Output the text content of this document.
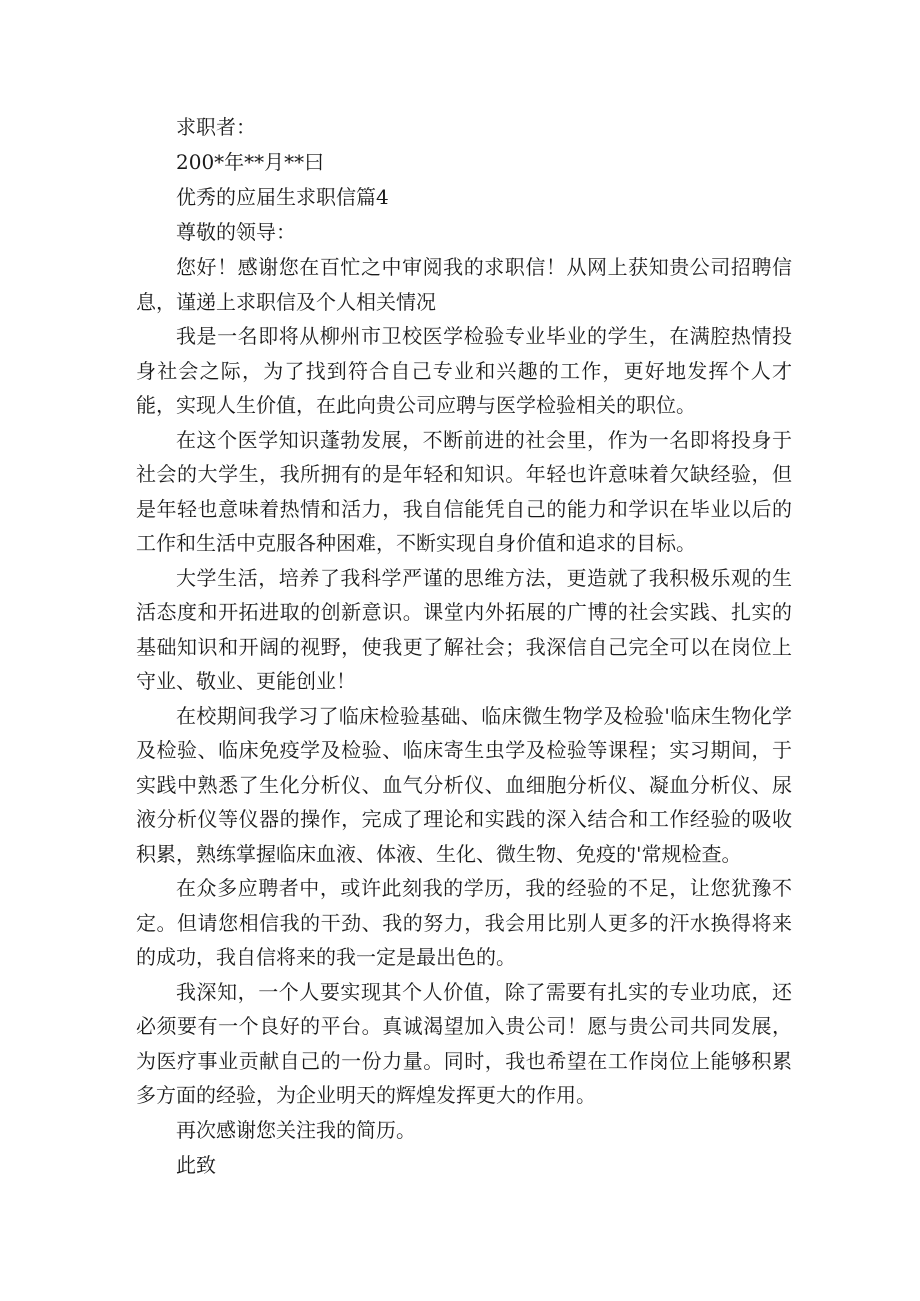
求职者：

200*年**月**曰

优秀的应届生求职信篇4

尊敬的领导：

您好！感谢您在百忙之中审阅我的求职信！从网上获知贵公司招聘信息，谨递上求职信及个人相关情况

我是一名即将从柳州市卫校医学检验专业毕业的学生，在满腔热情投身社会之际，为了找到符合自己专业和兴趣的工作，更好地发挥个人才能，实现人生价值，在此向贵公司应聘与医学检验相关的职位。

在这个医学知识蓬勃发展，不断前进的社会里，作为一名即将投身于社会的大学生，我所拥有的是年轻和知识。年轻也许意味着欠缺经验，但是年轻也意味着热情和活力，我自信能凭自己的能力和学识在毕业以后的工作和生活中克服各种困难，不断实现自身价值和追求的目标。

大学生活，培养了我科学严谨的思维方法，更造就了我积极乐观的生活态度和开拓进取的创新意识。课堂内外拓展的广博的社会实践、扎实的基础知识和开阔的视野，使我更了解社会；我深信自己完全可以在岗位上守业、敬业、更能创业！

在校期间我学习了临床检验基础、临床微生物学及检验'临床生物化学及检验、临床免疫学及检验、临床寄生虫学及检验等课程；实习期间，于实践中熟悉了生化分析仪、血气分析仪、血细胞分析仪、凝血分析仪、尿液分析仪等仪器的操作，完成了理论和实践的深入结合和工作经验的吸收积累，熟练掌握临床血液、体液、生化、微生物、免疫的'常规检查。

在众多应聘者中，或许此刻我的学历，我的经验的不足，让您犹豫不定。但请您相信我的干劲、我的努力，我会用比别人更多的汗水换得将来的成功，我自信将来的我一定是最出色的。

我深知，一个人要实现其个人价值，除了需要有扎实的专业功底，还必须要有一个良好的平台。真诚渴望加入贵公司！愿与贵公司共同发展，为医疗事业贡献自己的一份力量。同时，我也希望在工作岗位上能够积累多方面的经验，为企业明天的辉煌发挥更大的作用。

再次感谢您关注我的简历。

此致
